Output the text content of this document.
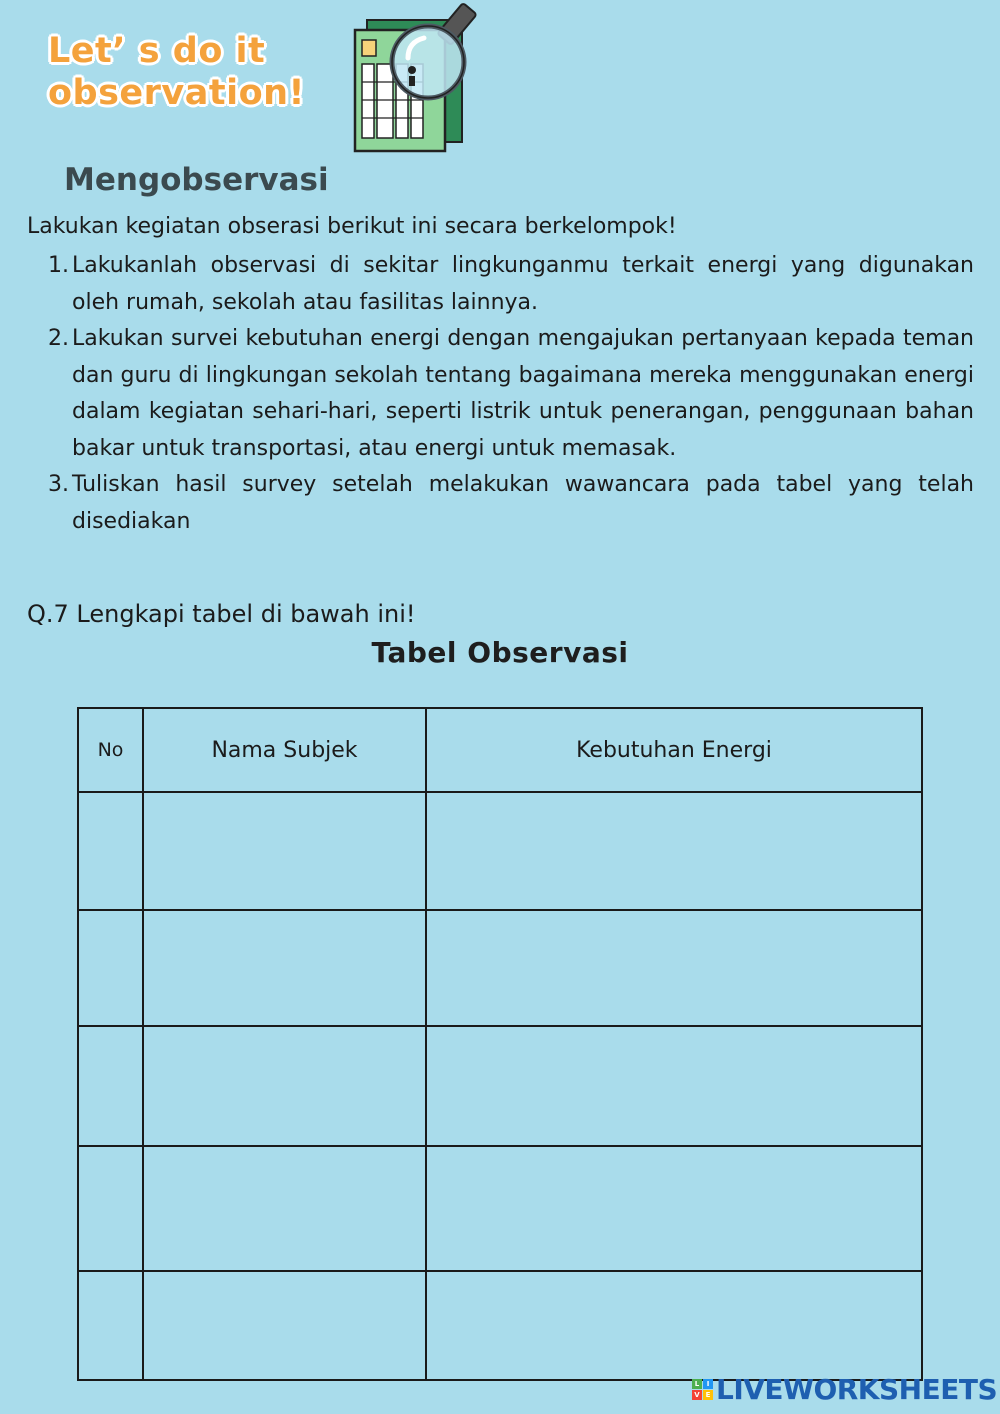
Let’ s do it
observation!
Mengobservasi

Lakukan kegiatan obserasi berikut ini secara berkelompok!

1. Lakukanlah observasi di sekitar lingkunganmu terkait energi yang digunakan oleh rumah, sekolah atau fasilitas lainnya.
2. Lakukan survei kebutuhan energi dengan mengajukan pertanyaan kepada teman dan guru di lingkungan sekolah tentang bagaimana mereka menggunakan energi dalam kegiatan sehari-hari, seperti listrik untuk penerangan, penggunaan bahan bakar untuk transportasi, atau energi untuk memasak.
3. Tuliskan hasil survey setelah melakukan wawancara pada tabel yang telah disediakan

Q.7 Lengkapi tabel di bawah ini!

Tabel Observasi
No	Nama Subjek	Kebutuhan Energi

L	I
V E LIVEWORKSHEETS
